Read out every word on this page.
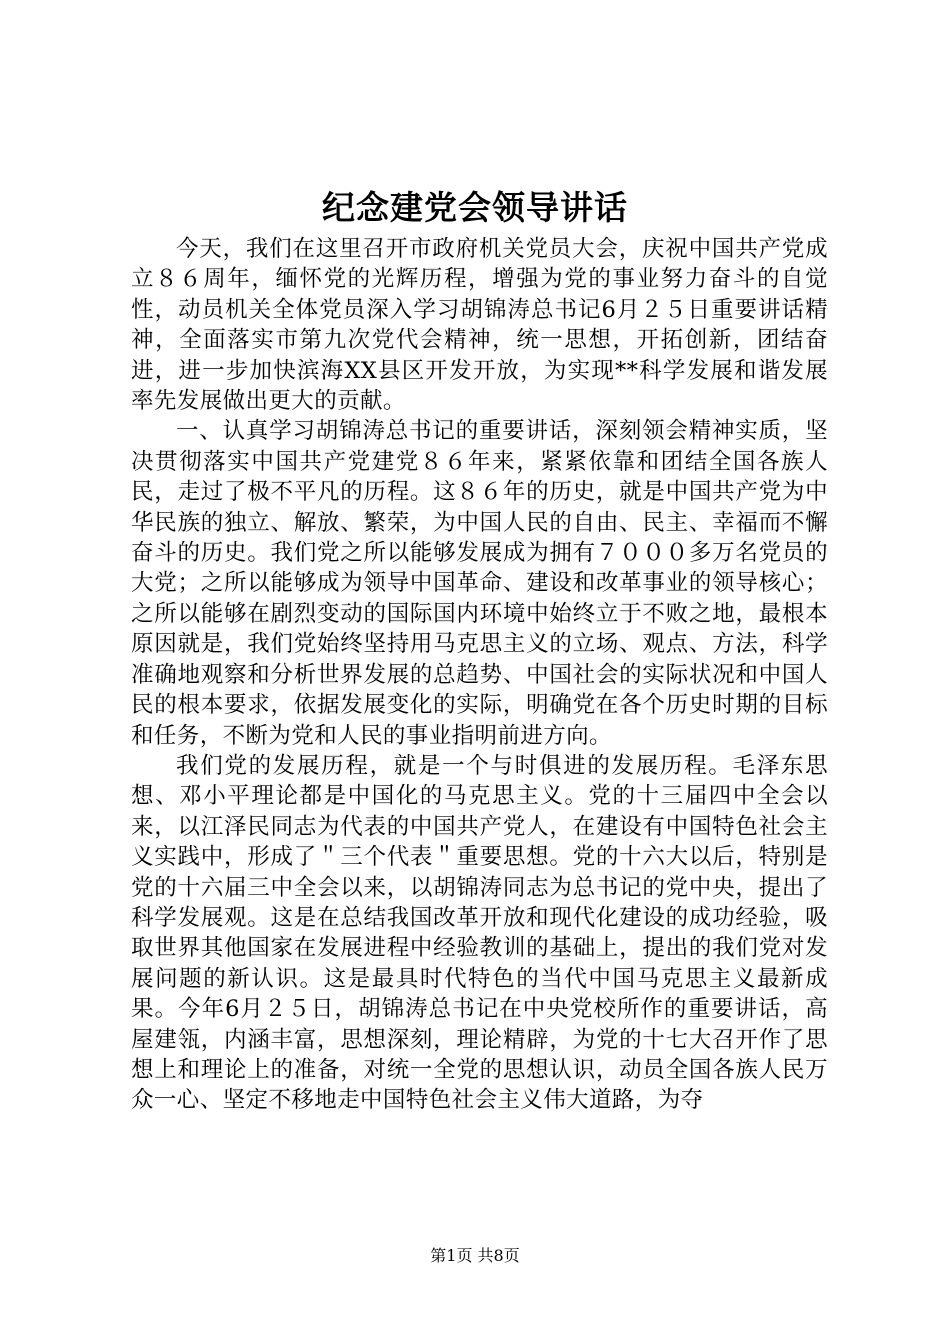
纪念建党会领导讲话

今天，我们在这里召开市政府机关党员大会，庆祝中国共产党成立８６周年，缅怀党的光辉历程，增强为党的事业努力奋斗的自觉性，动员机关全体党员深入学习胡锦涛总书记6月２５日重要讲话精神，全面落实市第九次党代会精神，统一思想，开拓创新，团结奋进，进一步加快滨海XX县区开发开放，为实现**科学发展和谐发展率先发展做出更大的贡献。

一、认真学习胡锦涛总书记的重要讲话，深刻领会精神实质，坚决贯彻落实中国共产党建党８６年来，紧紧依靠和团结全国各族人民，走过了极不平凡的历程。这８６年的历史，就是中国共产党为中华民族的独立、解放、繁荣，为中国人民的自由、民主、幸福而不懈奋斗的历史。我们党之所以能够发展成为拥有７０００多万名党员的大党；之所以能够成为领导中国革命、建设和改革事业的领导核心；之所以能够在剧烈变动的国际国内环境中始终立于不败之地，最根本原因就是，我们党始终坚持用马克思主义的立场、观点、方法，科学准确地观察和分析世界发展的总趋势、中国社会的实际状况和中国人民的根本要求，依据发展变化的实际，明确党在各个历史时期的目标和任务，不断为党和人民的事业指明前进方向。

我们党的发展历程，就是一个与时俱进的发展历程。毛泽东思想、邓小平理论都是中国化的马克思主义。党的十三届四中全会以来，以江泽民同志为代表的中国共产党人，在建设有中国特色社会主义实践中，形成了＂三个代表＂重要思想。党的十六大以后，特别是党的十六届三中全会以来，以胡锦涛同志为总书记的党中央，提出了科学发展观。这是在总结我国改革开放和现代化建设的成功经验，吸取世界其他国家在发展进程中经验教训的基础上，提出的我们党对发展问题的新认识。这是最具时代特色的当代中国马克思主义最新成果。今年6月２５日，胡锦涛总书记在中央党校所作的重要讲话，高屋建瓴，内涵丰富，思想深刻，理论精辟，为党的十七大召开作了思想上和理论上的准备，对统一全党的思想认识，动员全国各族人民万众一心、坚定不移地走中国特色社会主义伟大道路，为夺

第1页 共8页
